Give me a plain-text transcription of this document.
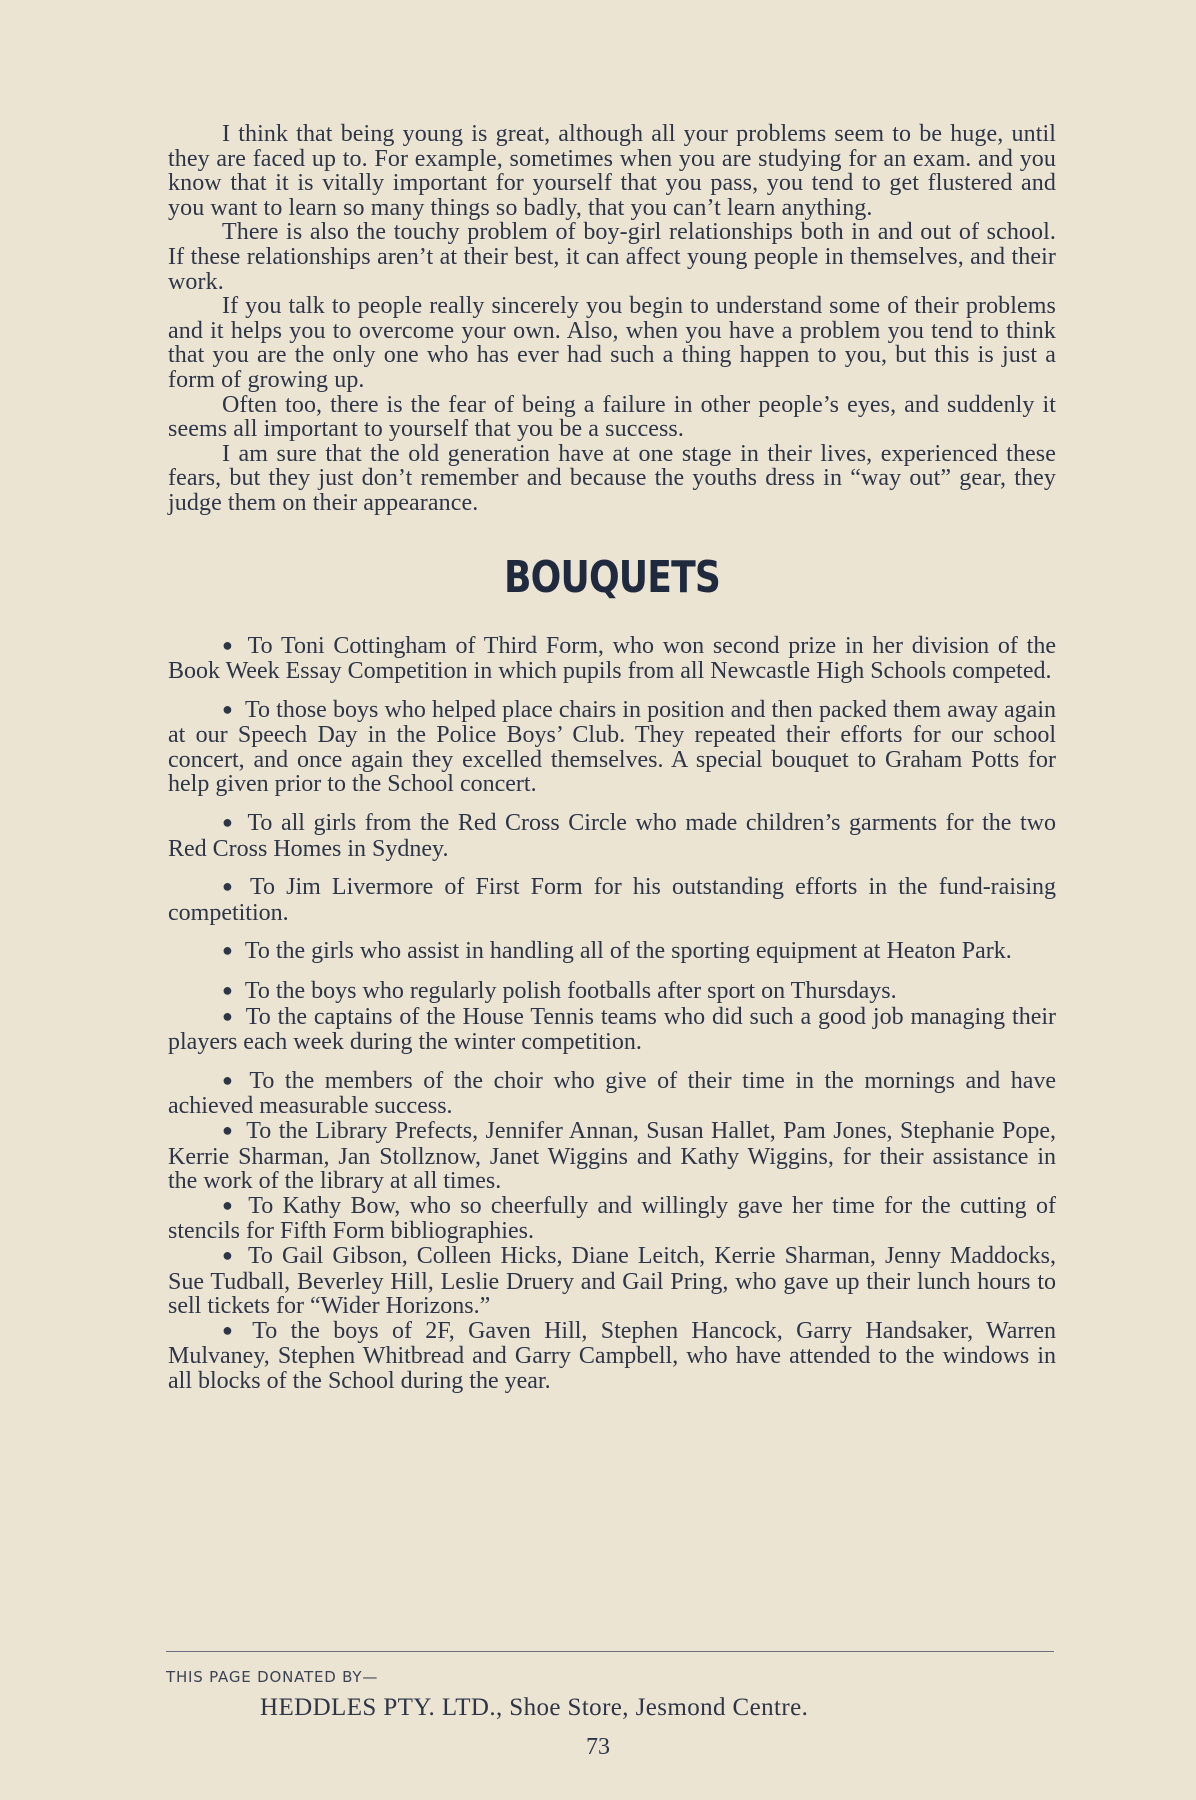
I think that being young is great, although all your problems seem to be huge, until they are faced up to. For example, sometimes when you are studying for an exam. and you know that it is vitally important for yourself that you pass, you tend to get flustered and you want to learn so many things so badly, that you can’t learn anything.

There is also the touchy problem of boy-girl relationships both in and out of school. If these relationships aren’t at their best, it can affect young people in themselves, and their work.

If you talk to people really sincerely you begin to understand some of their problems and it helps you to overcome your own. Also, when you have a problem you tend to think that you are the only one who has ever had such a thing happen to you, but this is just a form of growing up.

Often too, there is the fear of being a failure in other people’s eyes, and suddenly it seems all important to yourself that you be a success.

I am sure that the old generation have at one stage in their lives, experienced these fears, but they just don’t remember and because the youths dress in “way out” gear, they judge them on their appearance.

BOUQUETS

● To Toni Cottingham of Third Form, who won second prize in her division of the Book Week Essay Competition in which pupils from all Newcastle High Schools competed.

● To those boys who helped place chairs in position and then packed them away again at our Speech Day in the Police Boys’ Club. They repeated their efforts for our school concert, and once again they excelled themselves. A special bouquet to Graham Potts for help given prior to the School concert.

● To all girls from the Red Cross Circle who made children’s garments for the two Red Cross Homes in Sydney.

● To Jim Livermore of First Form for his outstanding efforts in the fund-raising competition.

● To the girls who assist in handling all of the sporting equipment at Heaton Park.

● To the boys who regularly polish footballs after sport on Thursdays.

● To the captains of the House Tennis teams who did such a good job managing their players each week during the winter competition.

● To the members of the choir who give of their time in the mornings and have achieved measurable success.

● To the Library Prefects, Jennifer Annan, Susan Hallet, Pam Jones, Stephanie Pope, Kerrie Sharman, Jan Stollznow, Janet Wiggins and Kathy Wiggins, for their assistance in the work of the library at all times.

● To Kathy Bow, who so cheerfully and willingly gave her time for the cutting of stencils for Fifth Form bibliographies.

● To Gail Gibson, Colleen Hicks, Diane Leitch, Kerrie Sharman, Jenny Maddocks, Sue Tudball, Beverley Hill, Leslie Druery and Gail Pring, who gave up their lunch hours to sell tickets for “Wider Horizons.”

● To the boys of 2F, Gaven Hill, Stephen Hancock, Garry Handsaker, Warren Mulvaney, Stephen Whitbread and Garry Campbell, who have attended to the windows in all blocks of the School during the year.

THIS PAGE DONATED BY—
HEDDLES PTY. LTD., Shoe Store, Jesmond Centre.
73
